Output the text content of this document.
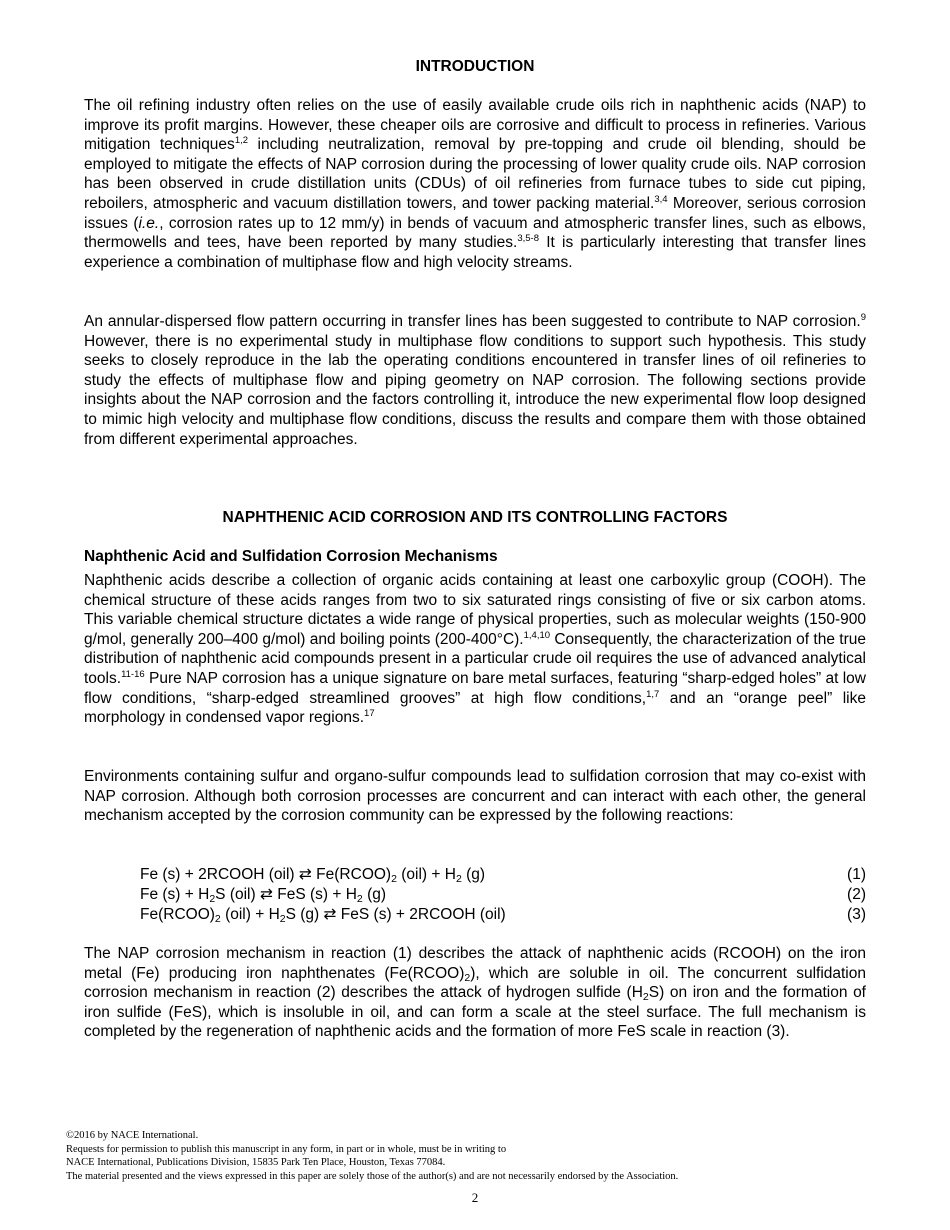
INTRODUCTION

The oil refining industry often relies on the use of easily available crude oils rich in naphthenic acids (NAP) to improve its profit margins. However, these cheaper oils are corrosive and difficult to process in refineries. Various mitigation techniques$^{1,2}$ including neutralization, removal by pre-topping and crude oil blending, should be employed to mitigate the effects of NAP corrosion during the processing of lower quality crude oils. NAP corrosion has been observed in crude distillation units (CDUs) of oil refineries from furnace tubes to side cut piping, reboilers, atmospheric and vacuum distillation towers, and tower packing material.$^{3,4}$ Moreover, serious corrosion issues (i.e., corrosion rates up to 12 mm/y) in bends of vacuum and atmospheric transfer lines, such as elbows, thermowells and tees, have been reported by many studies.$^{3,5-8}$ It is particularly interesting that transfer lines experience a combination of multiphase flow and high velocity streams.

An annular-dispersed flow pattern occurring in transfer lines has been suggested to contribute to NAP corrosion.$^9$ However, there is no experimental study in multiphase flow conditions to support such hypothesis. This study seeks to closely reproduce in the lab the operating conditions encountered in transfer lines of oil refineries to study the effects of multiphase flow and piping geometry on NAP corrosion. The following sections provide insights about the NAP corrosion and the factors controlling it, introduce the new experimental flow loop designed to mimic high velocity and multiphase flow conditions, discuss the results and compare them with those obtained from different experimental approaches.

NAPHTHENIC ACID CORROSION AND ITS CONTROLLING FACTORS
Naphthenic Acid and Sulfidation Corrosion Mechanisms

Naphthenic acids describe a collection of organic acids containing at least one carboxylic group (COOH). The chemical structure of these acids ranges from two to six saturated rings consisting of five or six carbon atoms. This variable chemical structure dictates a wide range of physical properties, such as molecular weights (150-900 g/mol, generally 200–400 g/mol) and boiling points (200-400°C).$^{1,4,10}$ Consequently, the characterization of the true distribution of naphthenic acid compounds present in a particular crude oil requires the use of advanced analytical tools.$^{11-16}$ Pure NAP corrosion has a unique signature on bare metal surfaces, featuring “sharp-edged holes” at low flow conditions, “sharp-edged streamlined grooves” at high flow conditions,$^{1,7}$ and an “orange peel” like morphology in condensed vapor regions.$^{17}$

Environments containing sulfur and organo-sulfur compounds lead to sulfidation corrosion that may co-exist with NAP corrosion. Although both corrosion processes are concurrent and can interact with each other, the general mechanism accepted by the corrosion community can be expressed by the following reactions:

Fe (s) + 2RCOOH (oil) ⇄ $Fe(RCOO)_2$ $(oil) + H_2$ (g)	(1)
Fe $(s) + H_2S$ (oil) ⇄ FeS $(s) + H_2$ (g)	(2)
$Fe(RCOO)_2$ $(oil) + H_2S$ (g) ⇄ FeS (s) + 2RCOOH (oil)	(3)

The NAP corrosion mechanism in reaction (1) describes the attack of naphthenic acids (RCOOH) on the iron metal (Fe) producing iron naphthenates $(Fe(RCOO)_2)$, which are soluble in oil. The concurrent sulfidation corrosion mechanism in reaction (2) describes the attack of hydrogen sulfide $(H_2S)$ on iron and the formation of iron sulfide (FeS), which is insoluble in oil, and can form a scale at the steel surface. The full mechanism is completed by the regeneration of naphthenic acids and the formation of more FeS scale in reaction (3).

©2016 by NACE International.
Requests for permission to publish this manuscript in any form, in part or in whole, must be in writing to
NACE International, Publications Division, 15835 Park Ten Place, Houston, Texas 77084.
The material presented and the views expressed in this paper are solely those of the author(s) and are not necessarily endorsed by the Association.
2
